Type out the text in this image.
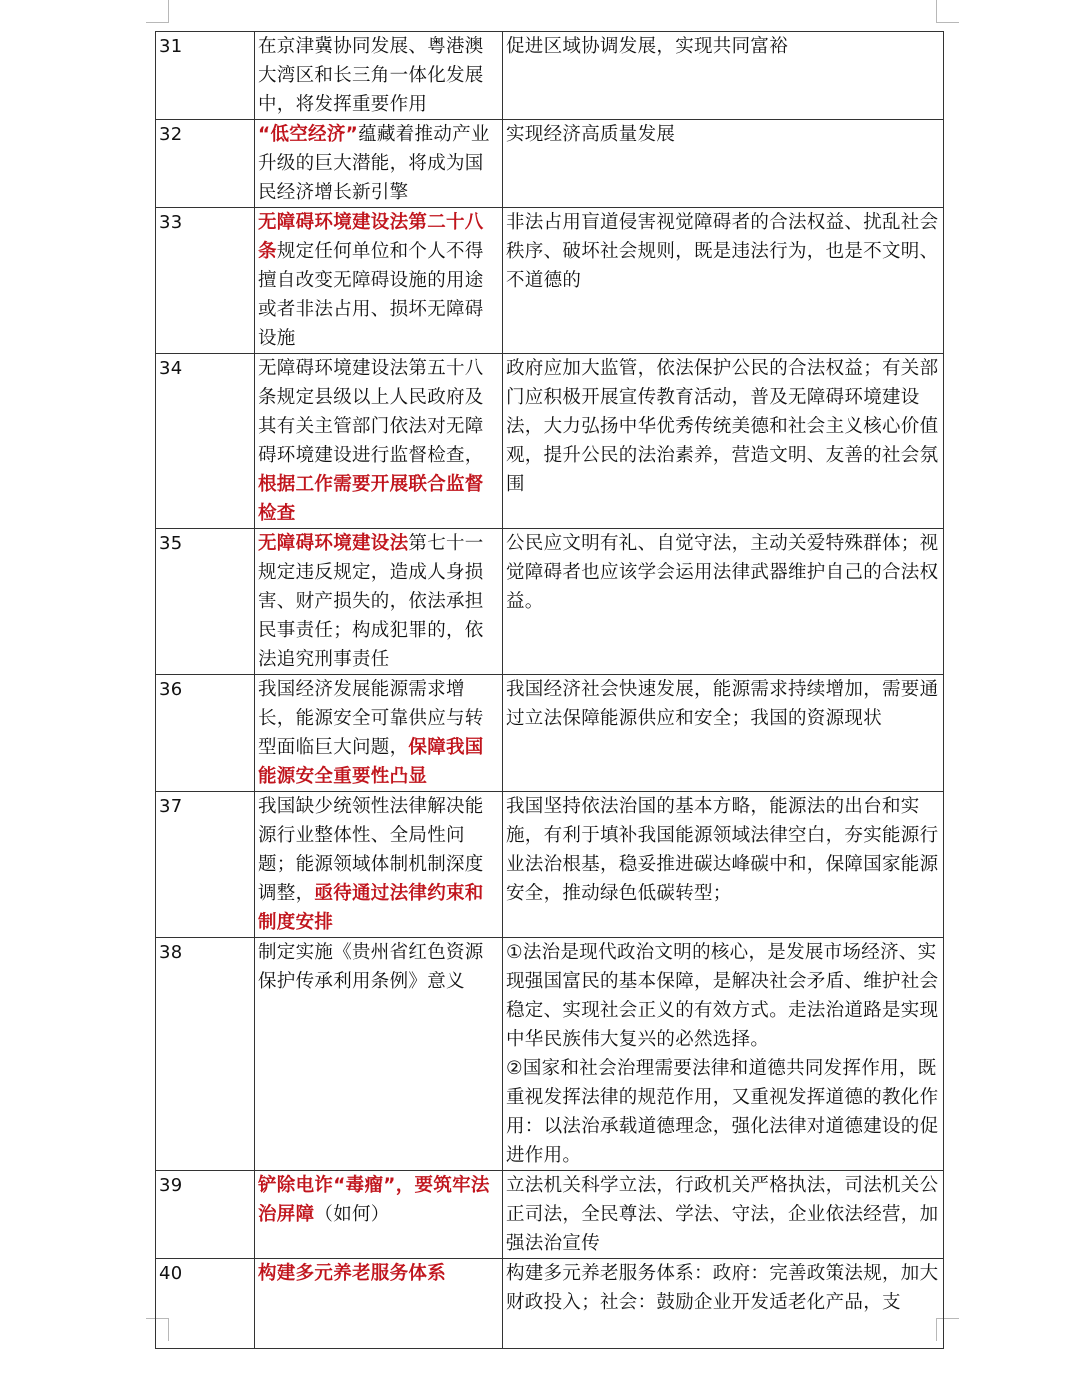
31	在京津冀协同发展、粤港澳大湾区和长三角一体化发展中，将发挥重要作用	促进区域协调发展，实现共同富裕

32	“低空经济”蕴藏着推动产业升级的巨大潜能，将成为国民经济增长新引擎	实现经济高质量发展

33	无障碍环境建设法第二十八条规定任何单位和个人不得擅自改变无障碍设施的用途或者非法占用、损坏无障碍设施	非法占用盲道侵害视觉障碍者的合法权益、扰乱社会秩序、破坏社会规则，既是违法行为，也是不文明、不道德的

34	无障碍环境建设法第五十八条规定县级以上人民政府及其有关主管部门依法对无障碍环境建设进行监督检查，根据工作需要开展联合监督检查	政府应加大监管，依法保护公民的合法权益；有关部门应积极开展宣传教育活动，普及无障碍环境建设法，大力弘扬中华优秀传统美德和社会主义核心价值观，提升公民的法治素养，营造文明、友善的社会氛围

35	无障碍环境建设法第七十一规定违反规定，造成人身损害、财产损失的，依法承担民事责任；构成犯罪的，依法追究刑事责任	公民应文明有礼、自觉守法，主动关爱特殊群体；视觉障碍者也应该学会运用法律武器维护自己的合法权益。

36	我国经济发展能源需求增长，能源安全可靠供应与转型面临巨大问题，保障我国能源安全重要性凸显	我国经济社会快速发展，能源需求持续增加，需要通过立法保障能源供应和安全；我国的资源现状

37	我国缺少统领性法律解决能源行业整体性、全局性问题；能源领域体制机制深度调整，亟待通过法律约束和制度安排	我国坚持依法治国的基本方略，能源法的出台和实施，有利于填补我国能源领域法律空白，夯实能源行业法治根基，稳妥推进碳达峰碳中和，保障国家能源安全，推动绿色低碳转型；

38	制定实施《贵州省红色资源保护传承利用条例》意义	①法治是现代政治文明的核心，是发展市场经济、实现强国富民的基本保障，是解决社会矛盾、维护社会稳定、实现社会正义的有效方式。走法治道路是实现中华民族伟大复兴的必然选择。
②国家和社会治理需要法律和道德共同发挥作用，既重视发挥法律的规范作用，又重视发挥道德的教化作用：以法治承载道德理念，强化法律对道德建设的促进作用。

39	铲除电诈“毒瘤”，要筑牢法治屏障（如何）	立法机关科学立法，行政机关严格执法，司法机关公正司法，全民尊法、学法、守法，企业依法经营，加强法治宣传

40	构建多元养老服务体系	构建多元养老服务体系：政府：完善政策法规，加大财政投入；社会：鼓励企业开发适老化产品，支
